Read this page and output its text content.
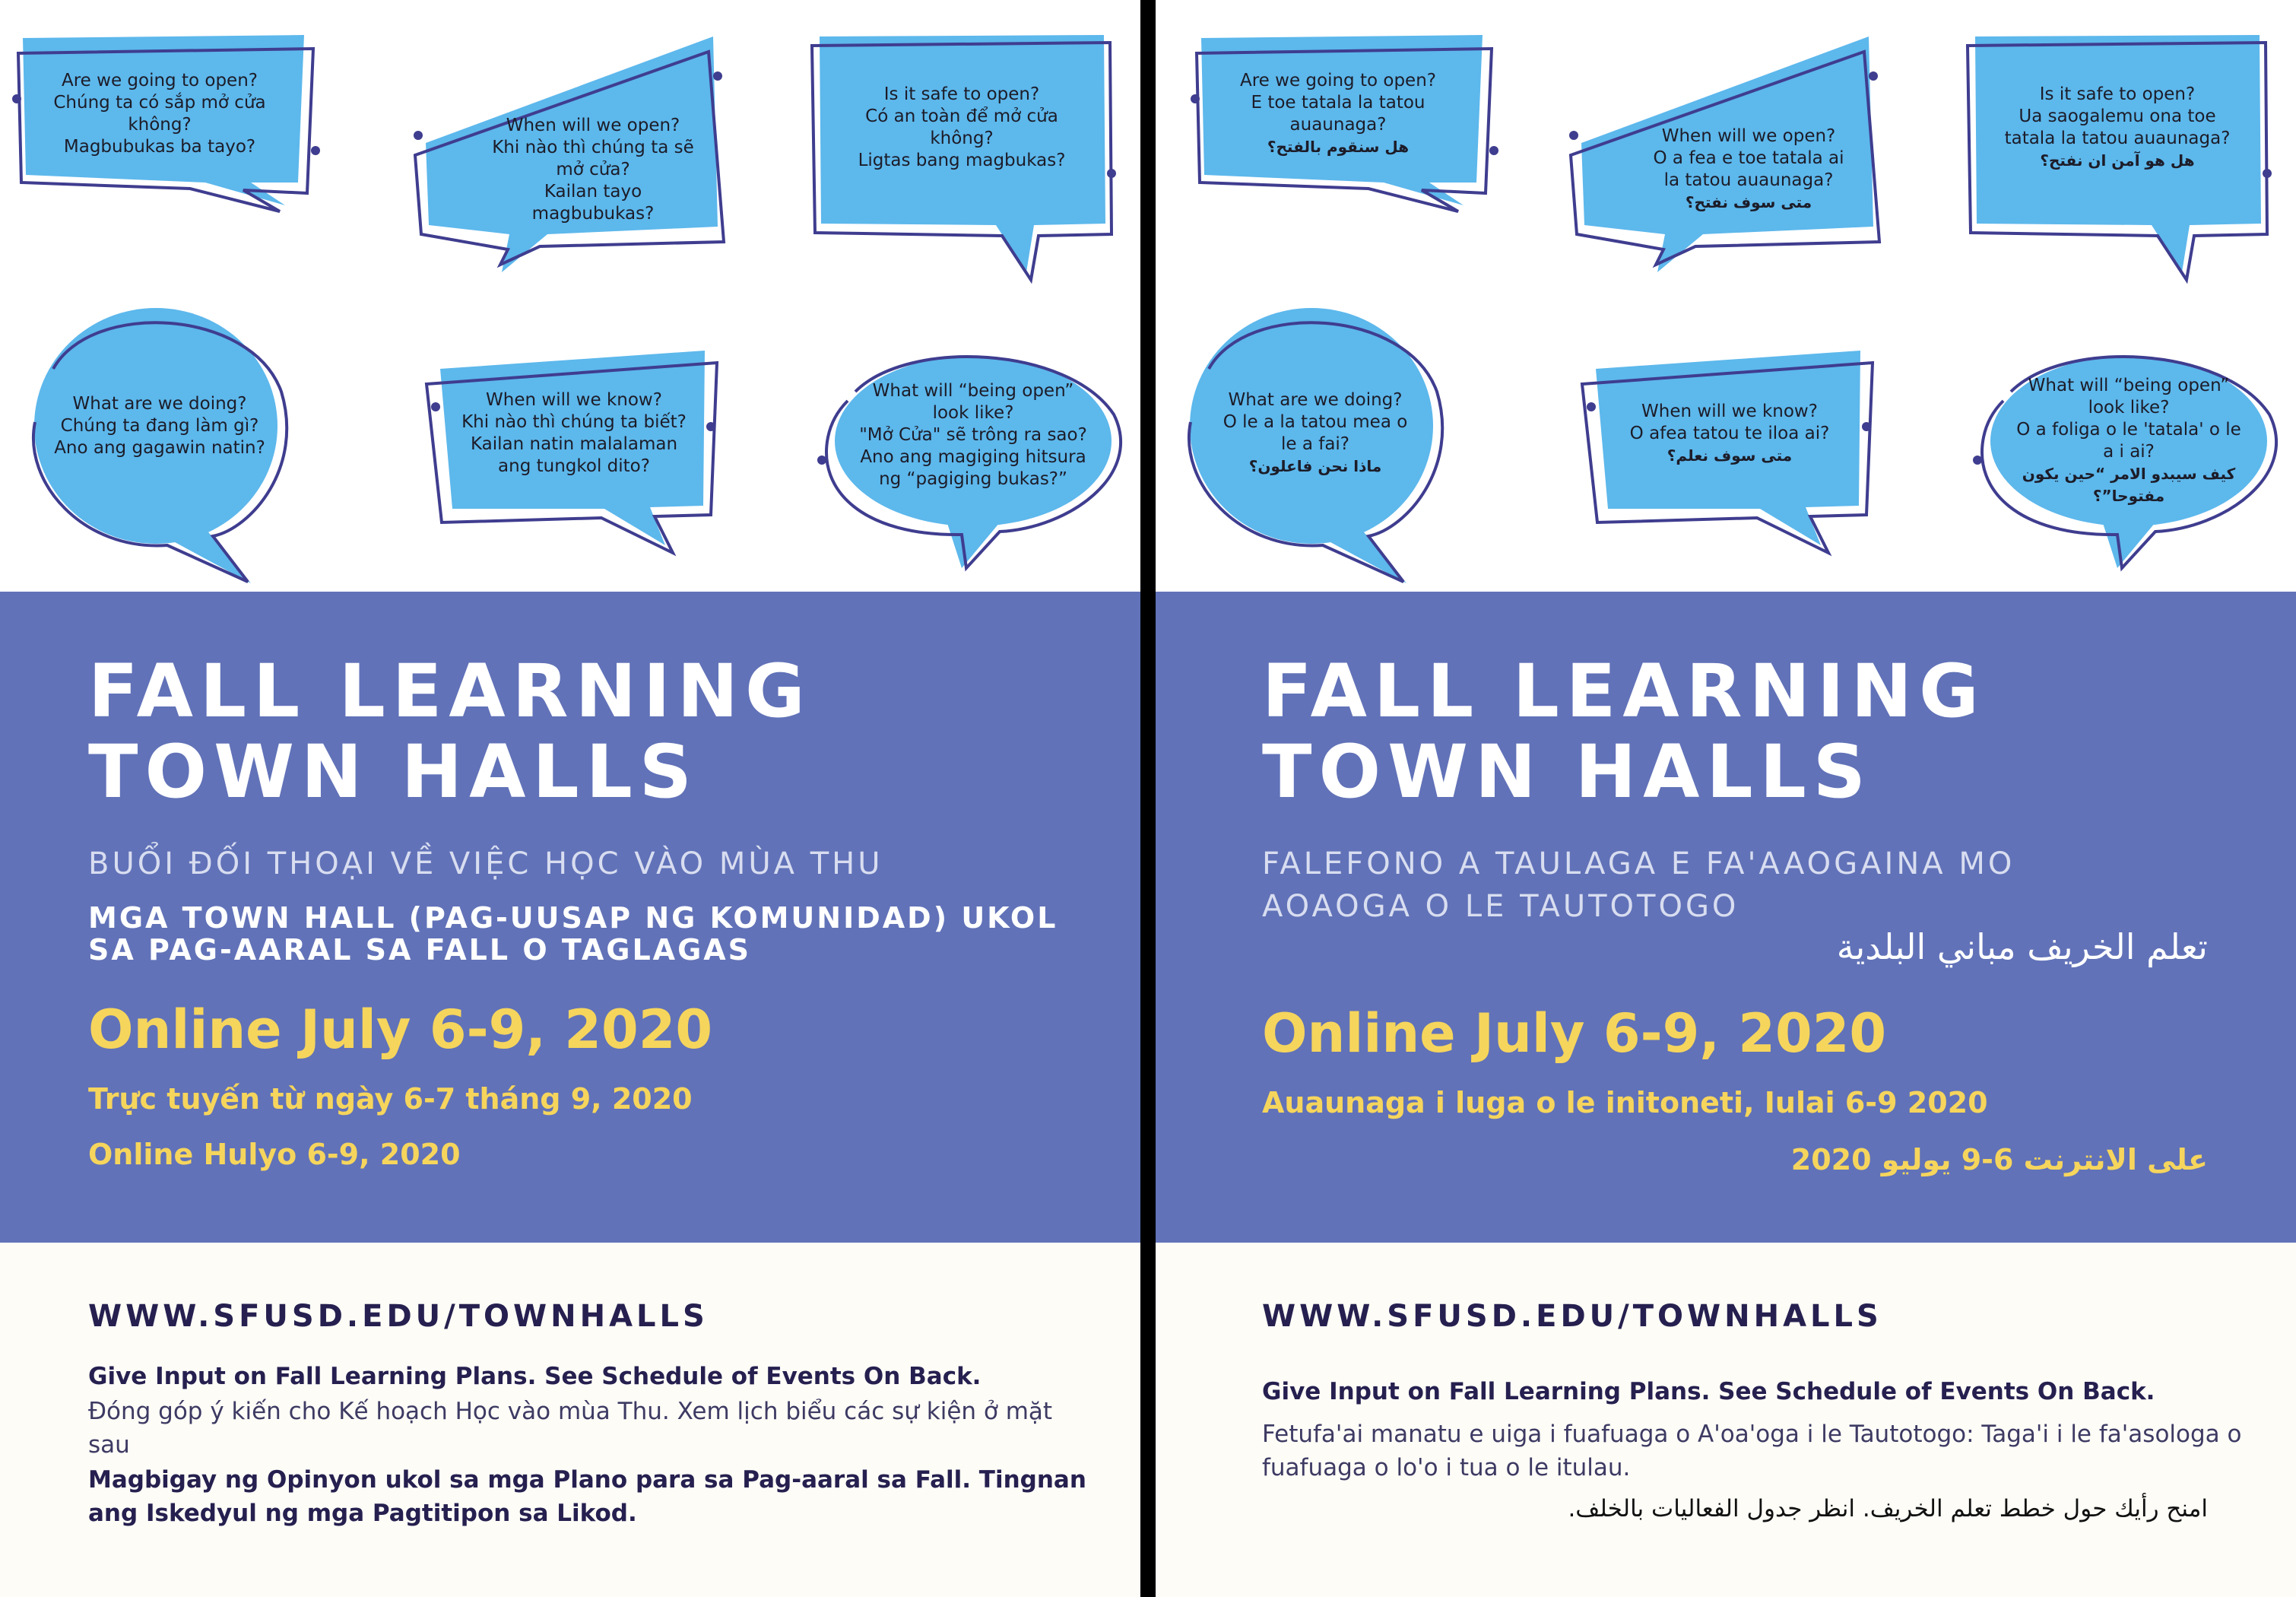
Are we going to open?
Chúng ta có sắp mở cửa
không?
Magbubukas ba tayo?
When will we open?
Khi nào thì chúng ta sẽ
mở cửa?
Kailan tayo
magbubukas?
Is it safe to open?
Có an toàn để mở cửa
không?
Ligtas bang magbukas?
What are we doing?
Chúng ta đang làm gì?
Ano ang gagawin natin?
When will we know?
Khi nào thì chúng ta biết?
Kailan natin malalaman
ang tungkol dito?
What will “being open”
look like?
"Mở Cửa" sẽ trông ra sao?
Ano ang magiging hitsura
ng “pagiging bukas?”
FALL LEARNING
TOWN HALLS
BUỔI ĐỐI THOẠI VỀ VIỆC HỌC VÀO MÙA THU
MGA TOWN HALL (PAG-UUSAP NG KOMUNIDAD) UKOL
SA PAG-AARAL SA FALL O TAGLAGAS
Online July 6-9, 2020
Trực tuyến từ ngày 6-7 tháng 9, 2020
Online Hulyo 6-9, 2020
WWW.SFUSD.EDU/TOWNHALLS
Give Input on Fall Learning Plans. See Schedule of Events On Back.
Đóng góp ý kiến cho Kế hoạch Học vào mùa Thu. Xem lịch biểu các sự kiện ở mặt sau
Magbigay ng Opinyon ukol sa mga Plano para sa Pag-aaral sa Fall. Tingnan ang Iskedyul ng mga Pagtitipon sa Likod.
Are we going to open?
E toe tatala la tatou
auaunaga?
هل سنقوم بالفتح؟
When will we open?
O a fea e toe tatala ai
la tatou auaunaga?
متى سوف نفتح؟
Is it safe to open?
Ua saogalemu ona toe
tatala la tatou auaunaga?
هل هو آمن ان نفتح؟
What are we doing?
O le a la tatou mea o
le a fai?
ماذا نحن فاعلون؟
When will we know?
O afea tatou te iloa ai?
متى سوف نعلم؟
What will “being open”
look like?
O a foliga o le 'tatala' o le
a i ai?
كيف سيبدو الامر “حين يكون مفتوحا”؟
FALL LEARNING
TOWN HALLS
FALEFONO A TAULAGA E FA'AAOGAINA MO
AOAOGA O LE TAUTOTOGO
تعلم الخريف مباني البلدية
Online July 6-9, 2020
Auaunaga i luga o le initoneti, Iulai 6-9 2020
على الانترنت 6-9 يوليو 2020
WWW.SFUSD.EDU/TOWNHALLS
Give Input on Fall Learning Plans. See Schedule of Events On Back.
Fetufa'ai manatu e uiga i fuafuaga o A'oa'oga i le Tautotogo: Taga'i i le fa'asologa o fuafuaga o lo'o i tua o le itulau.
امنح رأيك حول خطط تعلم الخريف. انظر جدول الفعاليات بالخلف.
